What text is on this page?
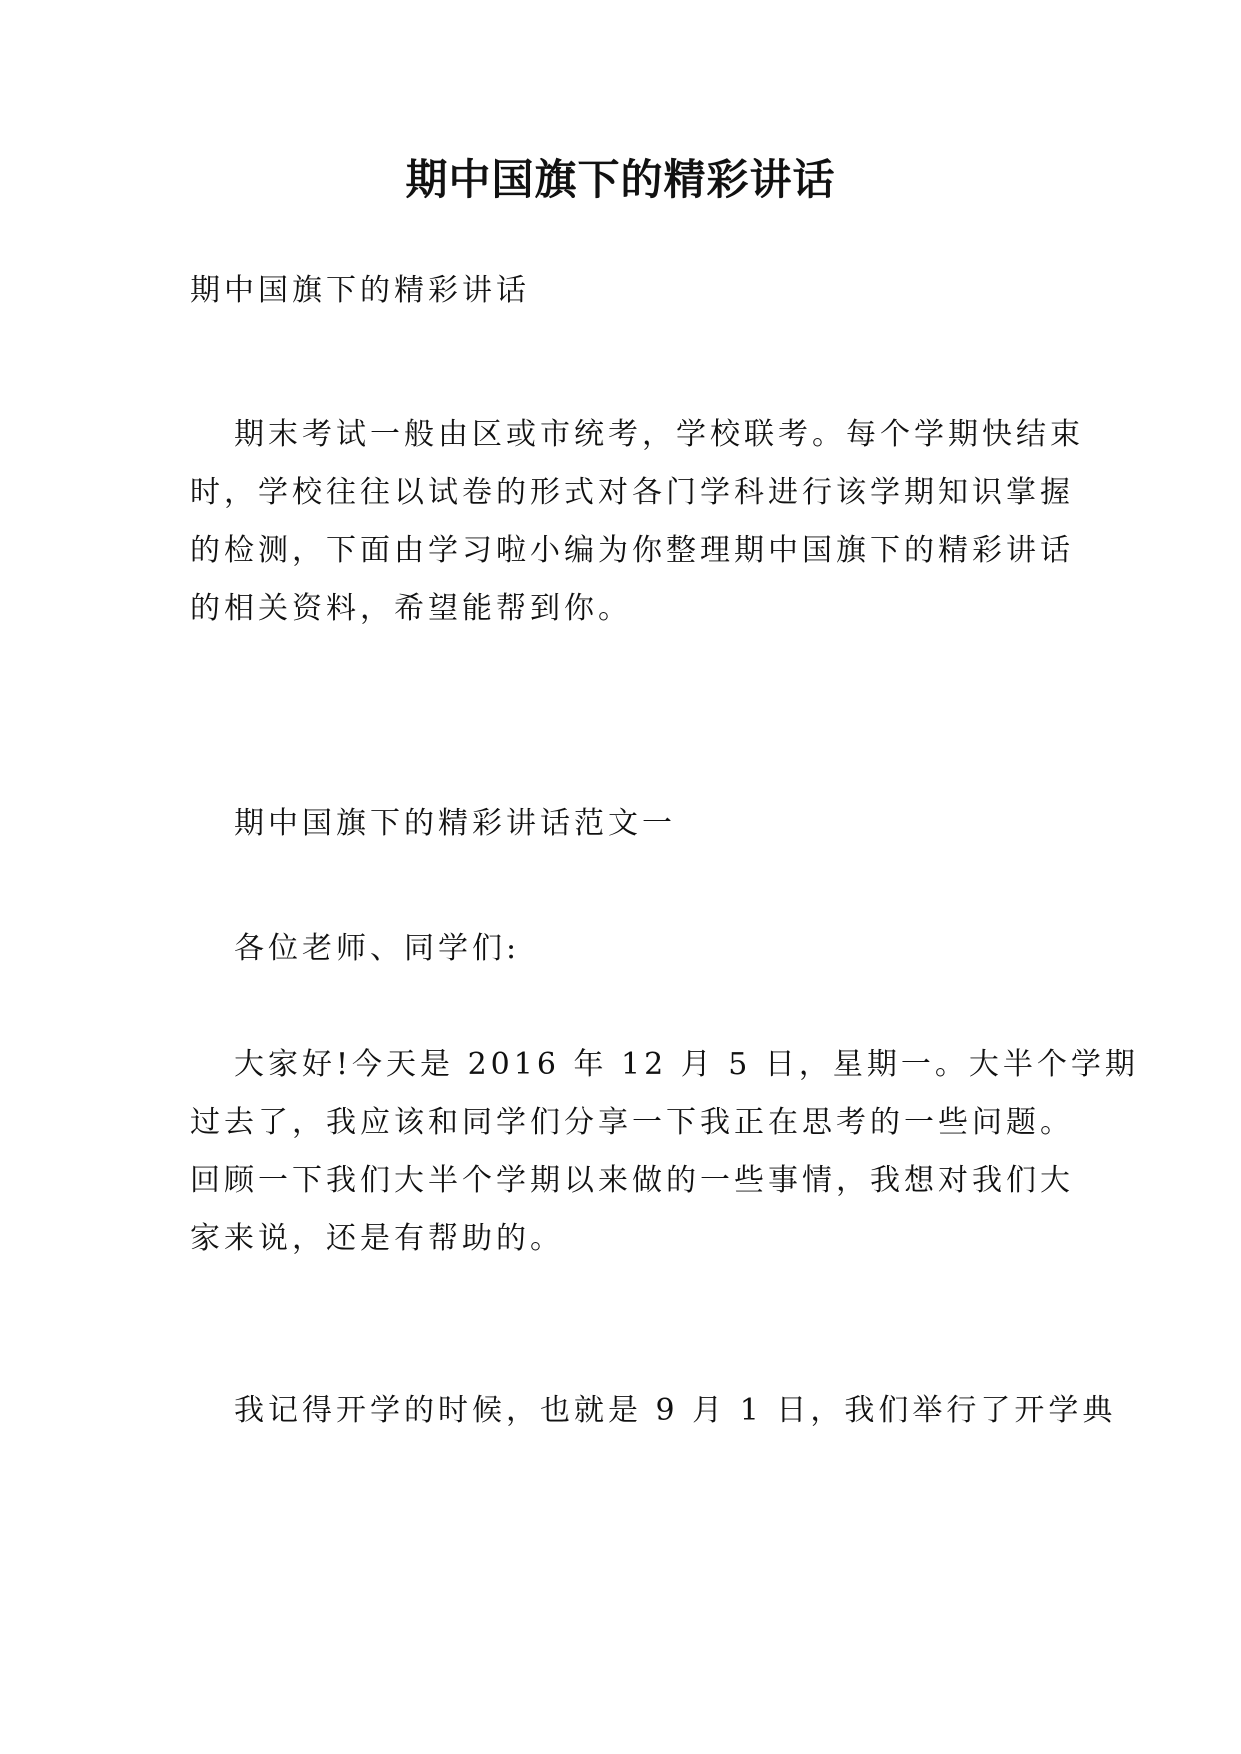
期中国旗下的精彩讲话

期中国旗下的精彩讲话

期末考试一般由区或市统考，学校联考。每个学期快结束
时，学校往往以试卷的形式对各门学科进行该学期知识掌握
的检测，下面由学习啦小编为你整理期中国旗下的精彩讲话
的相关资料，希望能帮到你。

期中国旗下的精彩讲话范文一

各位老师、同学们:

大家好!今天是 2016 年 12 月 5 日，星期一。大半个学期
过去了，我应该和同学们分享一下我正在思考的一些问题。
回顾一下我们大半个学期以来做的一些事情，我想对我们大
家来说，还是有帮助的。
我记得开学的时候，也就是 9 月 1 日，我们举行了开学典
